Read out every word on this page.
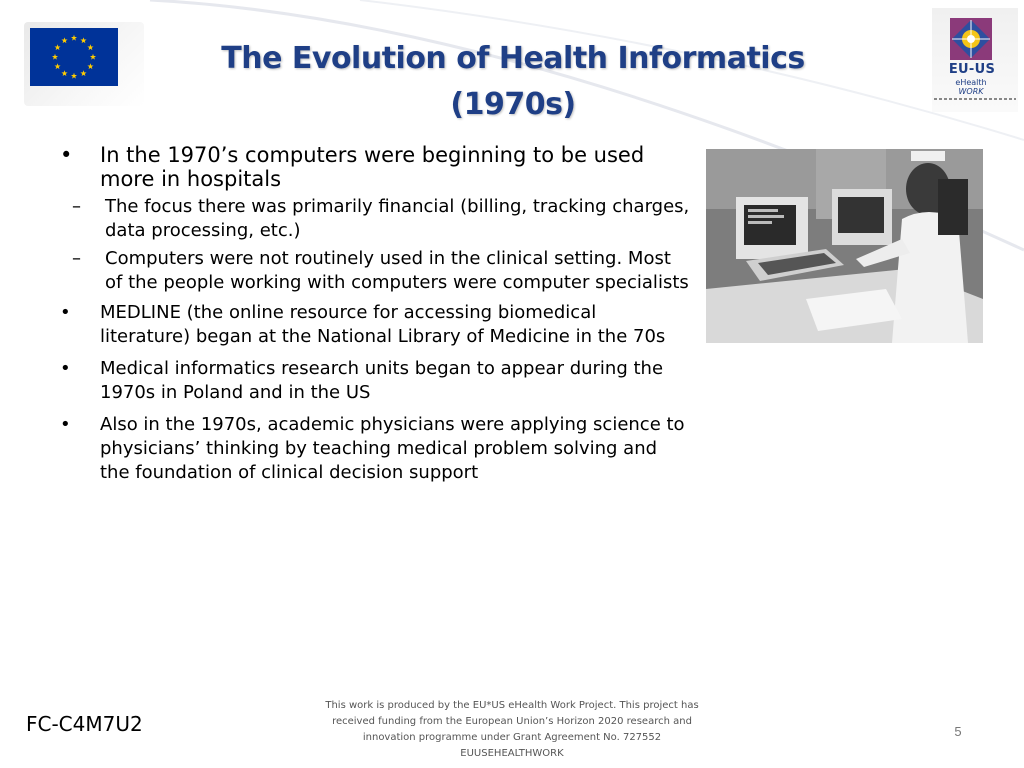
The Evolution of Health Informatics
(1970s)
EU-US
eHealth
WORK
•	In the 1970’s computers were beginning to be used more in hospitals
– The focus there was primarily financial (billing, tracking charges, data processing, etc.)
– Computers were not routinely used in the clinical setting. Most of the people working with computers were computer specialists
•	MEDLINE (the online resource for accessing biomedical literature) began at the National Library of Medicine in the 70s
•	Medical informatics research units began to appear during the 1970s in Poland and in the US
•	Also in the 1970s, academic physicians were applying science to physicians’ thinking by teaching medical problem solving and the foundation of clinical decision support
FC-C4M7U2
This work is produced by the EU*US eHealth Work Project. This project has
received funding from the European Union’s Horizon 2020 research and
innovation programme under Grant Agreement No. 727552
EUUSEHEALTHWORK
5
